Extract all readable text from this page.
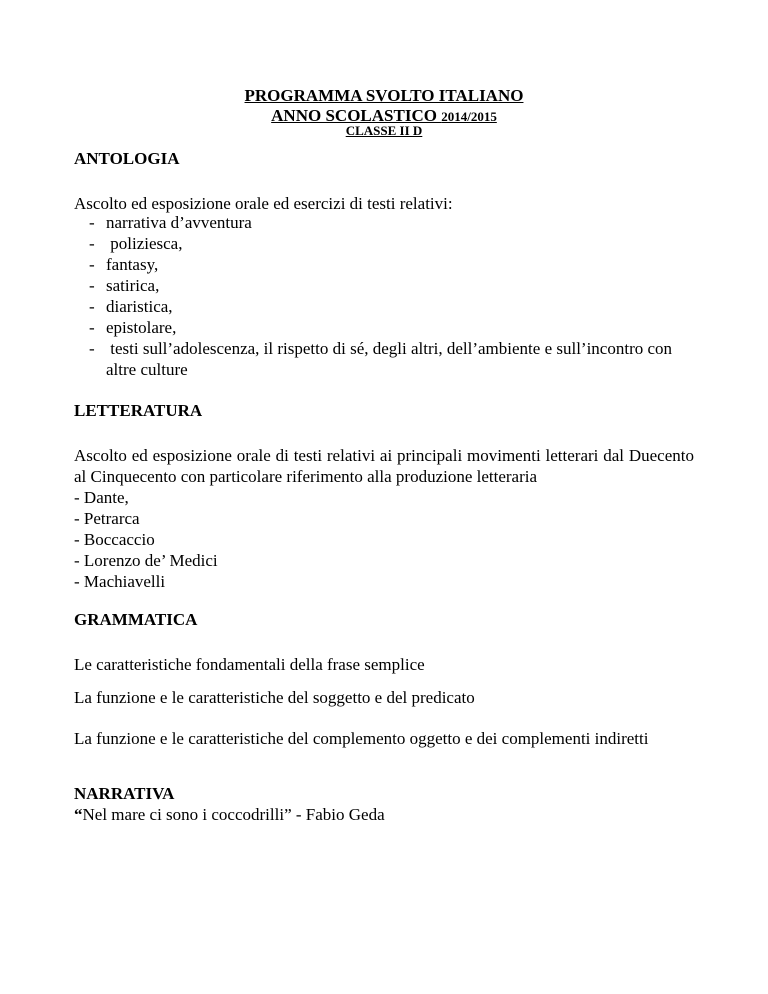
PROGRAMMA SVOLTO ITALIANO
ANNO SCOLASTICO 2014/2015
CLASSE II D
ANTOLOGIA
Ascolto ed esposizione orale ed esercizi di testi relativi:
- narrativa d’avventura
- poliziesca,
- fantasy,
- satirica,
- diaristica,
- epistolare,
- testi sull’adolescenza, il rispetto di sé, degli altri, dell’ambiente e sull’incontro con altre culture
LETTERATURA
Ascolto ed esposizione orale di testi relativi ai principali movimenti letterari dal Duecento al Cinquecento con particolare riferimento alla produzione letteraria
- Dante,
- Petrarca
- Boccaccio
- Lorenzo de’ Medici
- Machiavelli
GRAMMATICA
Le caratteristiche fondamentali della frase semplice
La funzione e le caratteristiche del soggetto e del predicato
La funzione e le caratteristiche del complemento oggetto e dei complementi indiretti
NARRATIVA
“Nel mare ci sono i coccodrilli” - Fabio Geda
